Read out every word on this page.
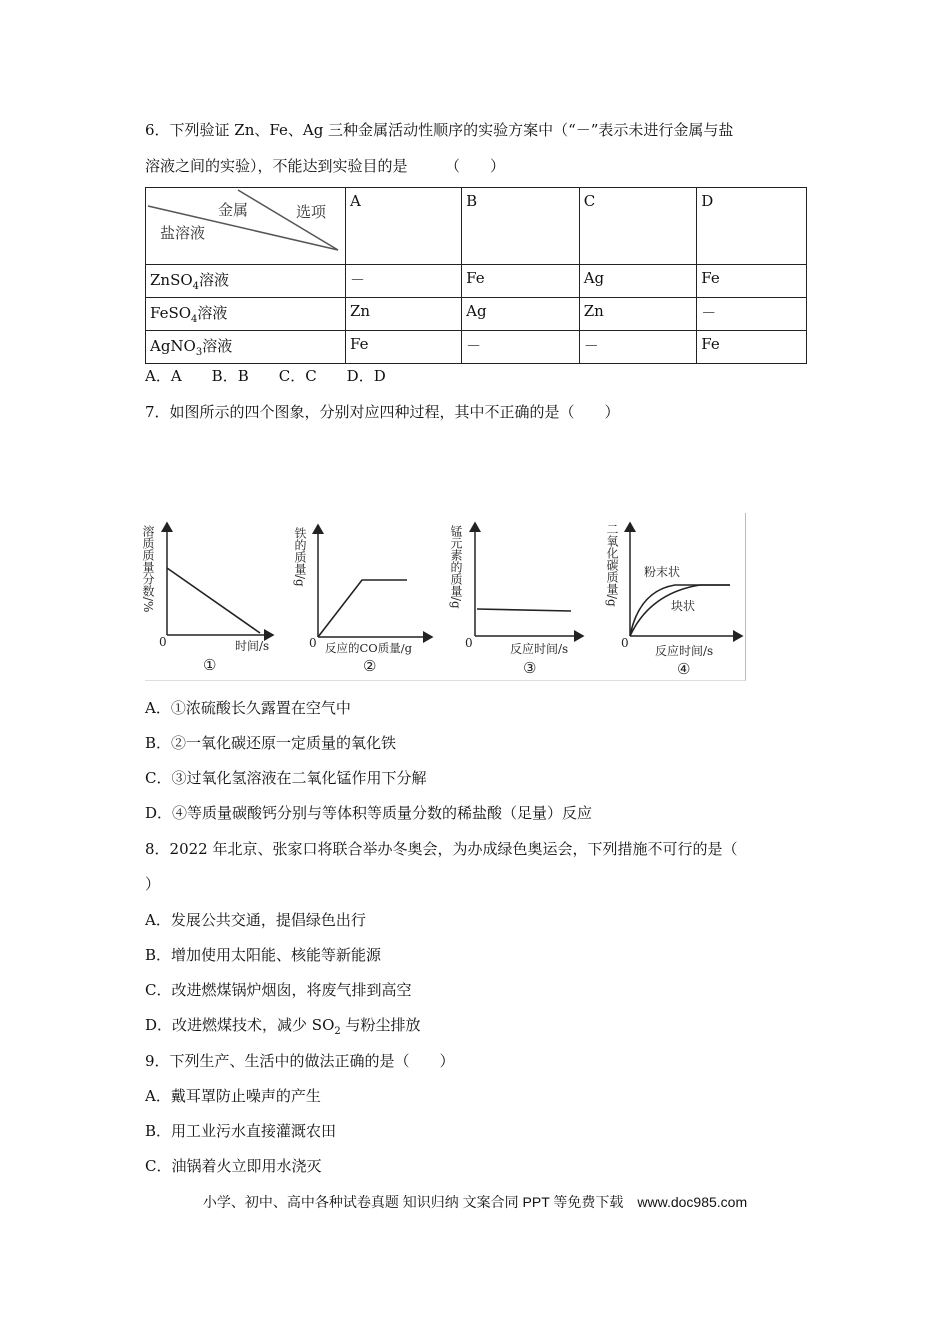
6．下列验证 Zn、Fe、Ag 三种金属活动性顺序的实验方案中（“－”表示未进行金属与盐
溶液之间的实验），不能达到实验目的是　　　（　　）
金属 选项
盐溶液	A	B	C	D
ZnSO$_4$溶液	－	Fe	Ag	Fe
FeSO$_4$溶液	Zn	Ag	Zn	－
AgNO$_3$溶液	Fe	－	－	Fe
A．A　　B．B　　C．C　　D．D
7．如图所示的四个图象，分别对应四种过程，其中不正确的是（　　）
溶质质量分数/%
0	时间/s
①
铁的质量/g
0 反应的CO质量/g
②
锰元素的质量/g
0	反应时间/s
③
二氧化碳质量/g 粉末状
块状
0
反应时间/s
④
A．①浓硫酸长久露置在空气中
B．②一氧化碳还原一定质量的氧化铁
C．③过氧化氢溶液在二氧化锰作用下分解
D．④等质量碳酸钙分别与等体积等质量分数的稀盐酸（足量）反应
8．2022 年北京、张家口将联合举办冬奥会，为办成绿色奥运会，下列措施不可行的是（
）
A．发展公共交通，提倡绿色出行
B．增加使用太阳能、核能等新能源
C．改进燃煤锅炉烟囱，将废气排到高空
D．改进燃煤技术，减少 $SO_2$ 与粉尘排放
9．下列生产、生活中的做法正确的是（　　）
A．戴耳罩防止噪声的产生
B．用工业污水直接灌溉农田
C．油锅着火立即用水浇灭
小学、初中、高中各种试卷真题 知识归纳 文案合同 PPT 等免费下载　www.doc985.com
